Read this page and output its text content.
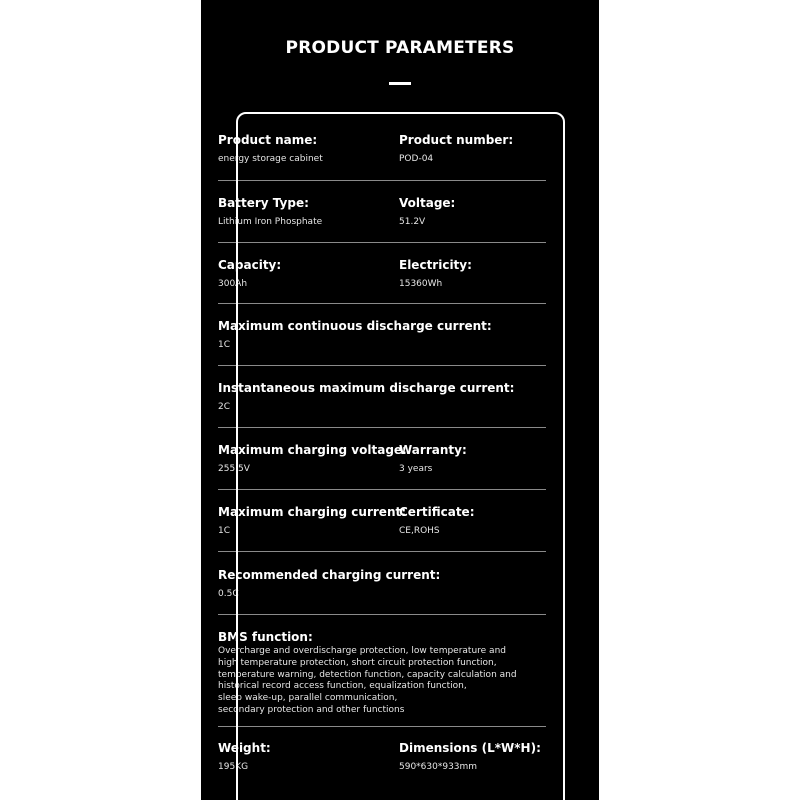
PRODUCT PARAMETERS
Product name:
energy storage cabinet
Product number:
POD-04
Battery Type:
Lithium Iron Phosphate
Voltage:
51.2V
Capacity:
300Ah
Electricity:
15360Wh
Maximum continuous discharge current:
1C
Instantaneous maximum discharge current:
2C
Maximum charging voltage:
255.5V
Warranty:
3 years
Maximum charging current:
1C
Certificate:
CE,ROHS
Recommended charging current:
0.5C
BMS function:
Overcharge and overdischarge protection, low temperature and
high temperature protection, short circuit protection function,
temperature warning, detection function, capacity calculation and
historical record access function, equalization function,
sleep wake-up, parallel communication,
secondary protection and other functions
Weight:
195KG
Dimensions (L*W*H):
590*630*933mm
